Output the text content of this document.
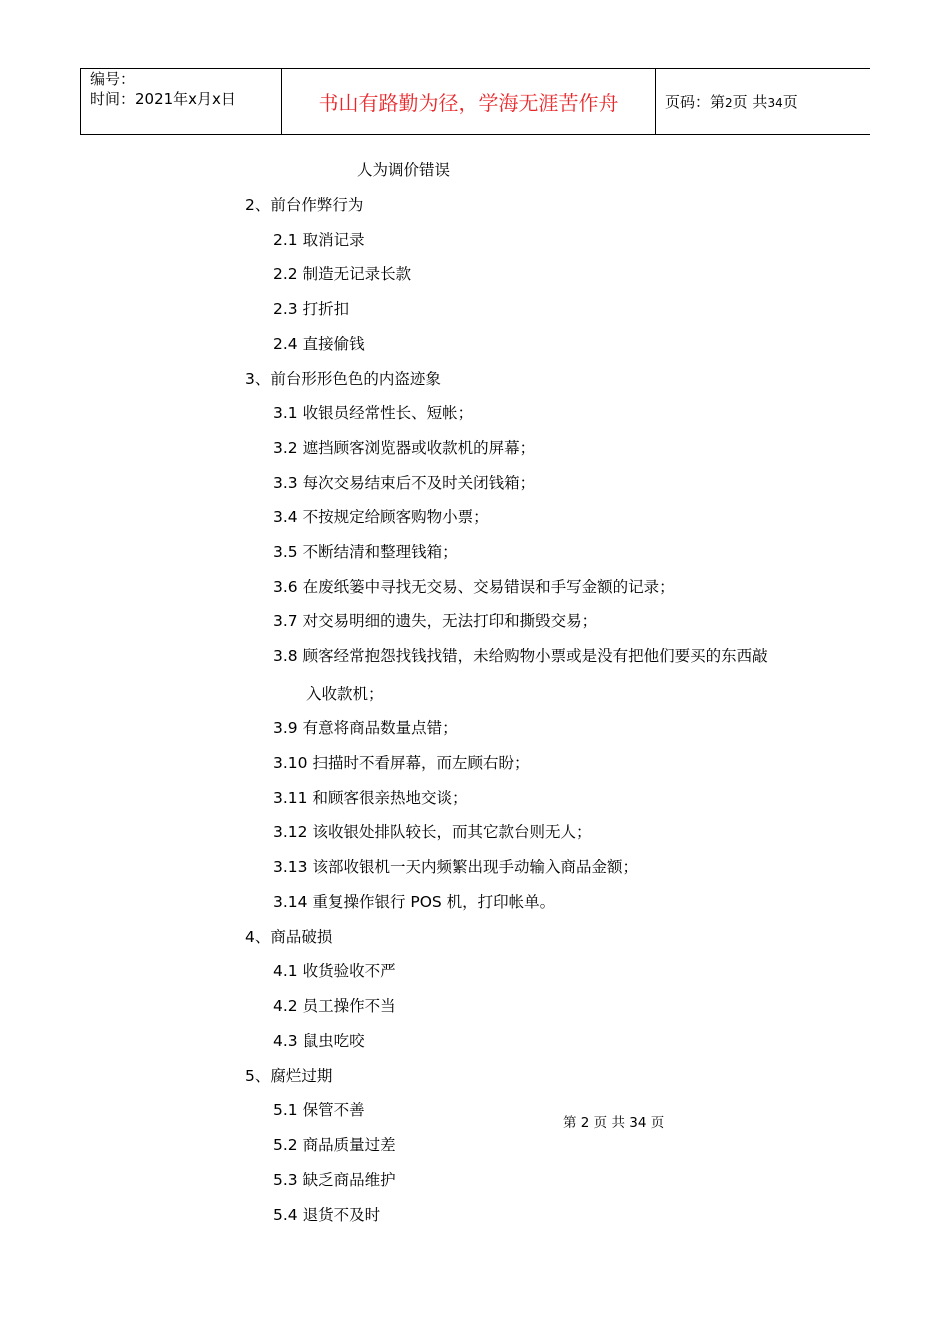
编号：
时间：2021年x月x日	书山有路勤为径，学海无涯苦作舟	页码：第2页 共34页
人为调价错误
2、前台作弊行为
2.1 取消记录
2.2 制造无记录长款
2.3 打折扣
2.4 直接偷钱
3、前台形形色色的内盗迹象
3.1 收银员经常性长、短帐；
3.2 遮挡顾客浏览器或收款机的屏幕；
3.3 每次交易结束后不及时关闭钱箱；
3.4 不按规定给顾客购物小票；
3.5 不断结清和整理钱箱；
3.6 在废纸篓中寻找无交易、交易错误和手写金额的记录；
3.7 对交易明细的遗失，无法打印和撕毁交易；
3.8 顾客经常抱怨找钱找错，未给购物小票或是没有把他们要买的东西敲
入收款机；
3.9 有意将商品数量点错；
3.10 扫描时不看屏幕，而左顾右盼；
3.11 和顾客很亲热地交谈；
3.12 该收银处排队较长，而其它款台则无人；
3.13 该部收银机一天内频繁出现手动输入商品金额；
3.14 重复操作银行 POS 机，打印帐单。
4、商品破损
4.1 收货验收不严
4.2 员工操作不当
4.3 鼠虫吃咬
5、腐烂过期
5.1 保管不善
5.2 商品质量过差
5.3 缺乏商品维护
5.4 退货不及时
第 2 页 共 34 页
